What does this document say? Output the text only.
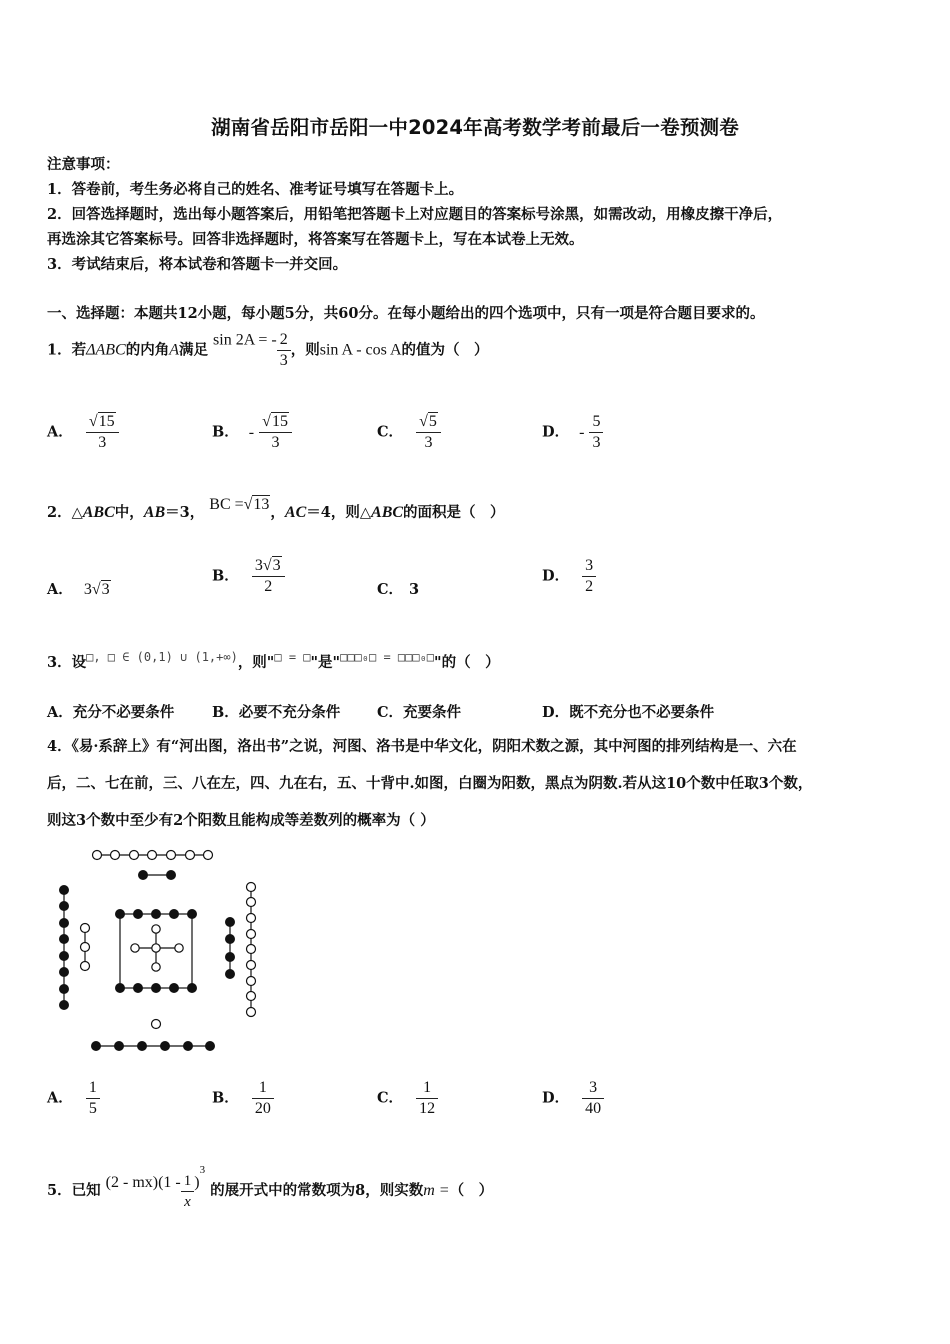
湖南省岳阳市岳阳一中2024年高考数学考前最后一卷预测卷
注意事项：
1．答卷前，考生务必将自己的姓名、准考证号填写在答题卡上。
2．回答选择题时，选出每小题答案后，用铅笔把答题卡上对应题目的答案标号涂黑，如需改动，用橡皮擦干净后，
再选涂其它答案标号。回答非选择题时，将答案写在答题卡上，写在本试卷上无效。
3．考试结束后，将本试卷和答题卡一并交回。
一、选择题：本题共12小题，每小题5分，共60分。在每小题给出的四个选项中，只有一项是符合题目要求的。
1．若ΔABC的内角A满足 sin 2A = - $\frac{2}{3}$ ，则sin A - cos A的值为（　）
A． $\frac{√15}{3}$	B． - $\frac{√15}{3}$	C． $\frac{√5}{3}$	D． - $\frac{5}{3}$
2．△ABC中，AB＝3， BC =√13，AC＝4，则△ABC的面积是（　）
A． 3√3
B． $\frac{3√3}{2}$	C． 3
D． $\frac{3}{2}$
3．设$^{□, □ \in (0,1) \cup (1,+\infty)}$，则"□ = □"是"$^{□□□_0□ = □□□_0□}$"的（　）
A．充分不必要条件	B．必要不充分条件	C．充要条件	D．既不充分也不必要条件
4．《易·系辞上》有“河出图，洛出书”之说，河图、洛书是中华文化，阴阳术数之源，其中河图的排列结构是一、六在
后，二、七在前，三、八在左，四、九在右，五、十背中.如图，白圈为阳数，黑点为阴数.若从这10个数中任取3个数，
则这3个数中至少有2个阳数且能构成等差数列的概率为（ ）
A． $\frac{1}{5}$	B． $\frac{1}{20}$	C． $\frac{1}{12}$	D． $\frac{3}{40}$
5．已知 $(2 - mx)(1 - \frac{1}{x} )^3$ 的展开式中的常数项为8，则实数m =（　）
